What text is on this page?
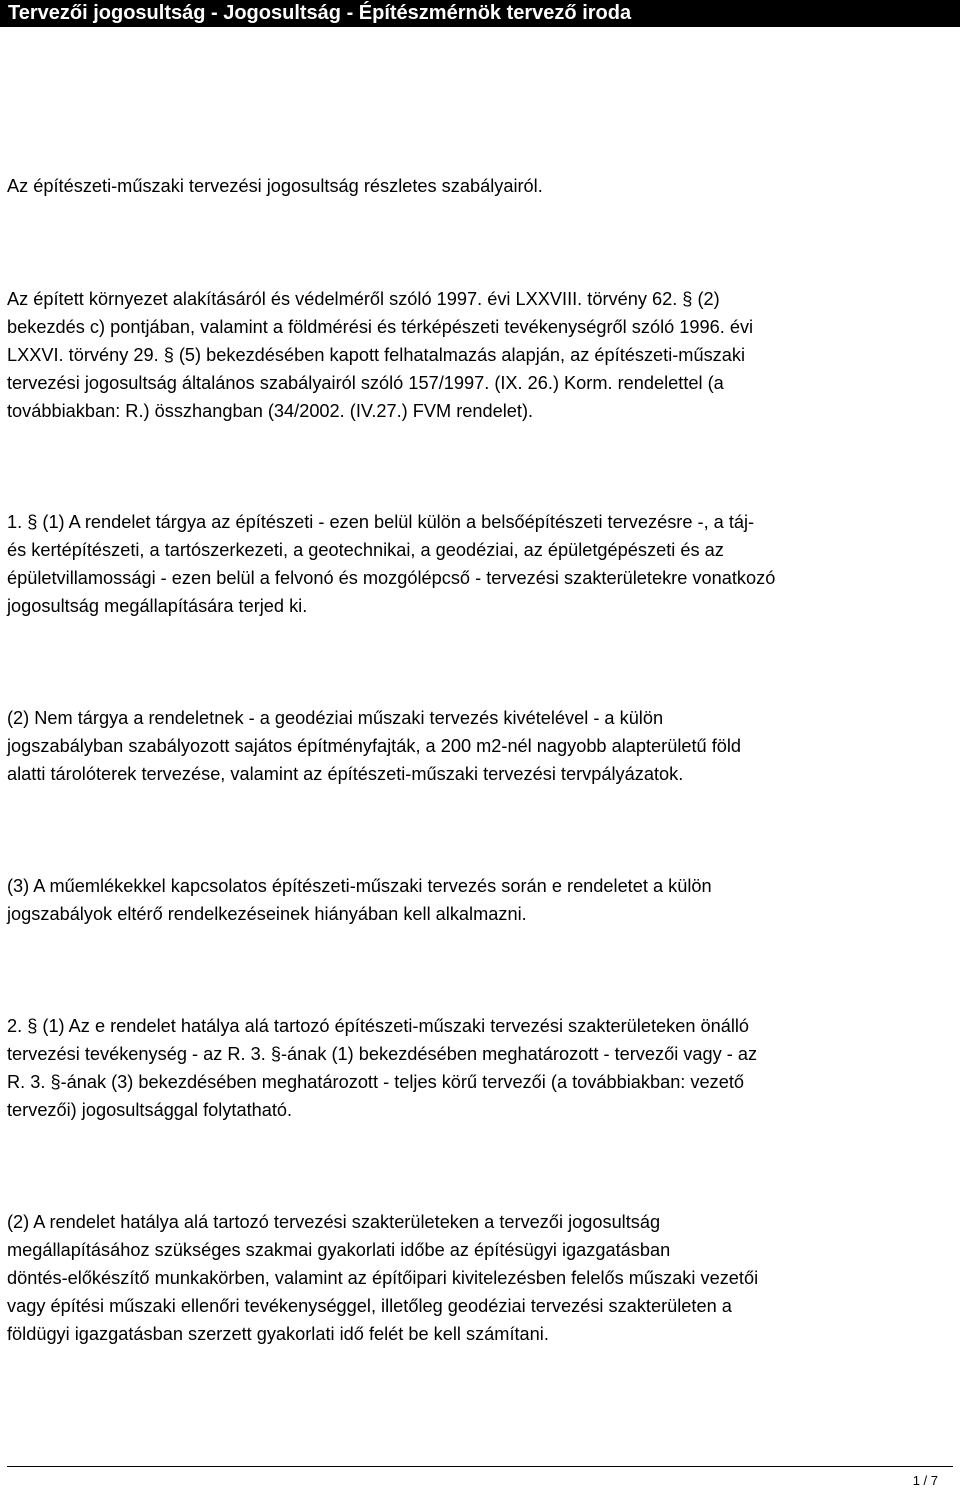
Tervezői jogosultság - Jogosultság - Építészmérnök tervező iroda
Az építészeti-műszaki tervezési jogosultság részletes szabályairól.
Az épített környezet alakításáról és védelméről szóló 1997. évi LXXVIII. törvény 62. § (2)
bekezdés c) pontjában, valamint a földmérési és térképészeti tevékenységről szóló 1996. évi
LXXVI. törvény 29. § (5) bekezdésében kapott felhatalmazás alapján, az építészeti-műszaki
tervezési jogosultság általános szabályairól szóló 157/1997. (IX. 26.) Korm. rendelettel (a
továbbiakban: R.) összhangban (34/2002. (IV.27.) FVM rendelet).
1. § (1) A rendelet tárgya az építészeti - ezen belül külön a belsőépítészeti tervezésre -, a táj-
és kertépítészeti, a tartószerkezeti, a geotechnikai, a geodéziai, az épületgépészeti és az
épületvillamossági - ezen belül a felvonó és mozgólépcső - tervezési szakterületekre vonatkozó
jogosultság megállapítására terjed ki.
(2) Nem tárgya a rendeletnek - a geodéziai műszaki tervezés kivételével - a külön
jogszabályban szabályozott sajátos építményfajták, a 200 m2-nél nagyobb alapterületű föld
alatti tárolóterek tervezése, valamint az építészeti-műszaki tervezési tervpályázatok.
(3) A műemlékekkel kapcsolatos építészeti-műszaki tervezés során e rendeletet a külön
jogszabályok eltérő rendelkezéseinek hiányában kell alkalmazni.
2. § (1) Az e rendelet hatálya alá tartozó építészeti-műszaki tervezési szakterületeken önálló
tervezési tevékenység - az R. 3. §-ának (1) bekezdésében meghatározott - tervezői vagy - az
R. 3. §-ának (3) bekezdésében meghatározott - teljes körű tervezői (a továbbiakban: vezető
tervezői) jogosultsággal folytatható.
(2) A rendelet hatálya alá tartozó tervezési szakterületeken a tervezői jogosultság
megállapításához szükséges szakmai gyakorlati időbe az építésügyi igazgatásban
döntés-előkészítő munkakörben, valamint az építőipari kivitelezésben felelős műszaki vezetői
vagy építési műszaki ellenőri tevékenységgel, illetőleg geodéziai tervezési szakterületen a
földügyi igazgatásban szerzett gyakorlati idő felét be kell számítani.
1 / 7
